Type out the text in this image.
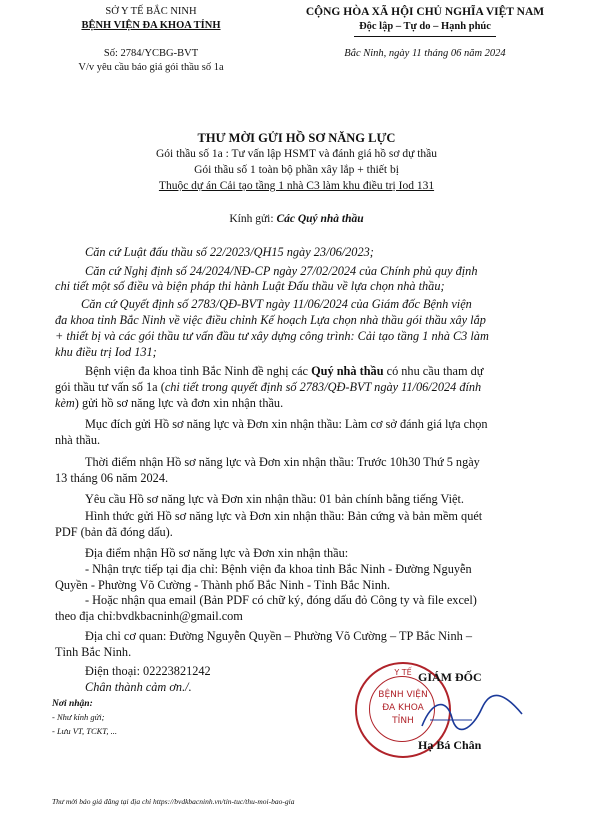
SỞ Y TẾ BẮC NINH
BỆNH VIỆN ĐA KHOA TỈNH
Số: 2784/YCBG-BVT
V/v yêu cầu báo giá gói thầu số 1a
CỘNG HÒA XÃ HỘI CHỦ NGHĨA VIỆT NAM
Độc lập – Tự do – Hạnh phúc
Bắc Ninh, ngày 11 tháng 06 năm 2024
THƯ MỜI GỬI HỒ SƠ NĂNG LỰC
Gói thầu số 1a : Tư vấn lập HSMT và đánh giá hồ sơ dự thầu
Gói thầu số 1 toàn bộ phần xây lắp + thiết bị
Thuộc dự án Cải tạo tầng 1 nhà C3 làm khu điều trị Iod 131
Kính gửi: Các Quý nhà thầu
Căn cứ Luật đấu thầu số 22/2023/QH15 ngày 23/06/2023;
Căn cứ Nghị định số 24/2024/NĐ-CP ngày 27/02/2024 của Chính phủ quy định
chi tiết một số điều và biện pháp thi hành Luật Đấu thầu về lựa chọn nhà thầu;
Căn cứ Quyết định số 2783/QĐ-BVT ngày 11/06/2024 của Giám đốc Bệnh viện
đa khoa tỉnh Bắc Ninh về việc điều chỉnh Kế hoạch Lựa chọn nhà thầu gói thầu xây lắp
+ thiết bị và các gói thầu tư vấn đầu tư xây dựng công trình: Cải tạo tầng 1 nhà C3 làm
khu điều trị Iod 131;
Bệnh viện đa khoa tỉnh Bắc Ninh đề nghị các Quý nhà thầu có nhu cầu tham dự
gói thầu tư vấn số 1a (chi tiết trong quyết định số 2783/QĐ-BVT ngày 11/06/2024 đính
kèm) gửi hồ sơ năng lực và đơn xin nhận thầu.
Mục đích gửi Hồ sơ năng lực và Đơn xin nhận thầu: Làm cơ sở đánh giá lựa chọn
nhà thầu.
Thời điểm nhận Hồ sơ năng lực và Đơn xin nhận thầu: Trước 10h30 Thứ 5 ngày
13 tháng 06 năm 2024.
Yêu cầu Hồ sơ năng lực và Đơn xin nhận thầu: 01 bản chính bằng tiếng Việt.
Hình thức gửi Hồ sơ năng lực và Đơn xin nhận thầu: Bản cứng và bản mềm quét
PDF (bản đã đóng dấu).
Địa điểm nhận Hồ sơ năng lực và Đơn xin nhận thầu:
- Nhận trực tiếp tại địa chỉ: Bệnh viện đa khoa tỉnh Bắc Ninh - Đường Nguyễn
Quyền - Phường Võ Cường - Thành phố Bắc Ninh - Tỉnh Bắc Ninh.
- Hoặc nhận qua email (Bản PDF có chữ ký, đóng dấu đỏ Công ty và file excel)
theo địa chỉ:bvdkbacninh@gmail.com
Địa chỉ cơ quan: Đường Nguyễn Quyền – Phường Võ Cường – TP Bắc Ninh –
Tỉnh Bắc Ninh.
Điện thoại: 02223821242
Chân thành cảm ơn./.
Nơi nhận:
- Như kính gửi;
- Lưu VT, TCKT, ...
Y TẾ
BỆNH VIỆN
ĐA KHOA
TỈNH
GIÁM ĐỐC
Hạ Bá Chân
Thư mời báo giá đăng tại địa chỉ https://bvdkbacninh.vn/tin-tuc/thu-moi-bao-gia
